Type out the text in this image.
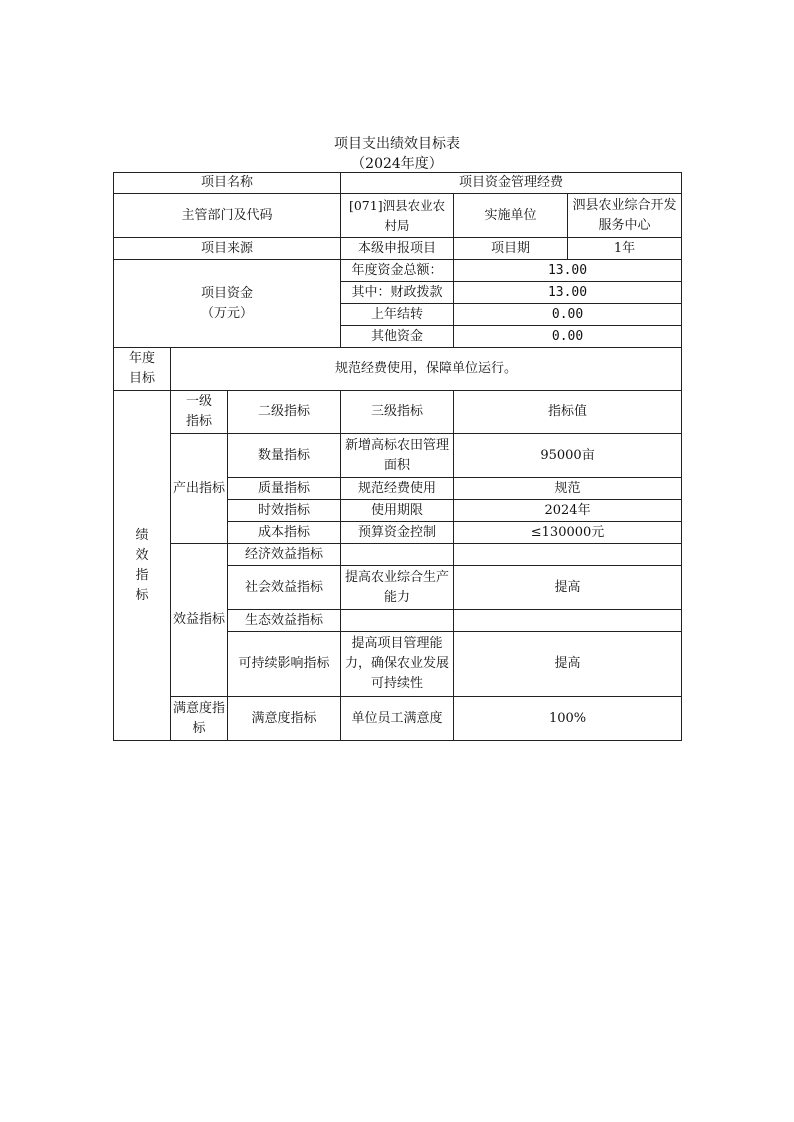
项目支出绩效目标表
（2024年度）
项目名称			项目资金管理经费		
主管部门及代码			[071]泗县农业农村局	实施单位	泗县农业综合开发服务中心
项目来源			本级申报项目	项目期	1年

项目资金
（万元）			年度资金总额：	13.00	
			其中：财政拨款	13.00	
			上年结转	0.00	
			其他资金	0.00	
年度目标	规范经费使用，保障单位运行。				
绩效指标	一级指标	二级指标	三级指标	指标值	
	产出指标	数量指标	新增高标农田管理面积	95000亩	
		质量指标	规范经费使用	规范	
		时效指标	使用期限	2024年	
		成本指标	预算资金控制	≤130000元	
	效益指标	经济效益指标			
		社会效益指标	提高农业综合生产能力	提高	
		生态效益指标			
		可持续影响指标	提高项目管理能力，确保农业发展可持续性	提高	
	满意度指标	满意度指标	单位员工满意度	100%	
